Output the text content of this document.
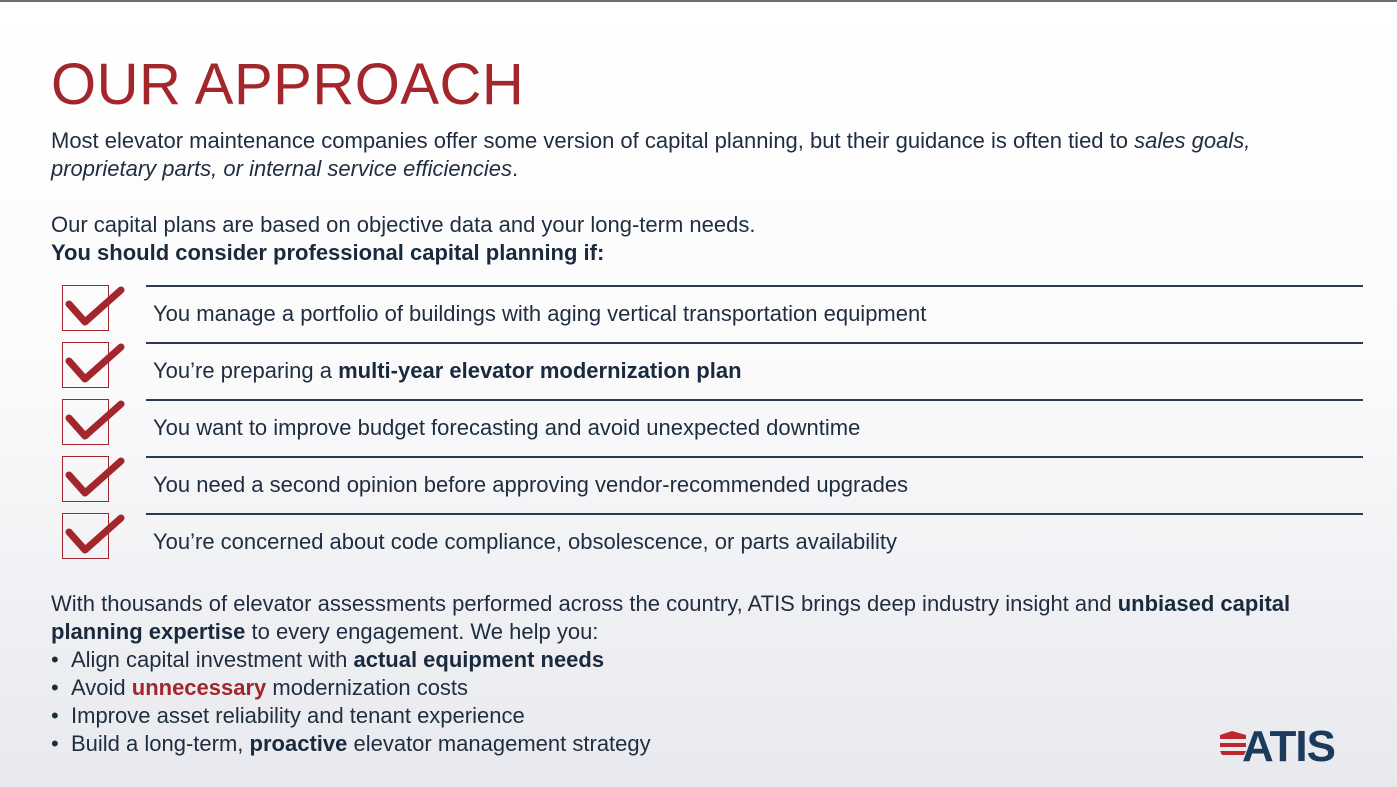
OUR APPROACH

Most elevator maintenance companies offer some version of capital planning, but their guidance is often tied to sales goals, proprietary parts, or internal service efficiencies.

Our capital plans are based on objective data and your long-term needs.

You should consider professional capital planning if:

You manage a portfolio of buildings with aging vertical transportation equipment
You’re preparing a multi-year elevator modernization plan
You want to improve budget forecasting and avoid unexpected downtime
You need a second opinion before approving vendor-recommended upgrades
You’re concerned about code compliance, obsolescence, or parts availability

With thousands of elevator assessments performed across the country, ATIS brings deep industry insight and unbiased capital planning expertise to every engagement. We help you:

• Align capital investment with actual equipment needs
• Avoid unnecessary modernization costs
• Improve asset reliability and tenant experience
• Build a long-term, proactive elevator management strategy	ATIS
